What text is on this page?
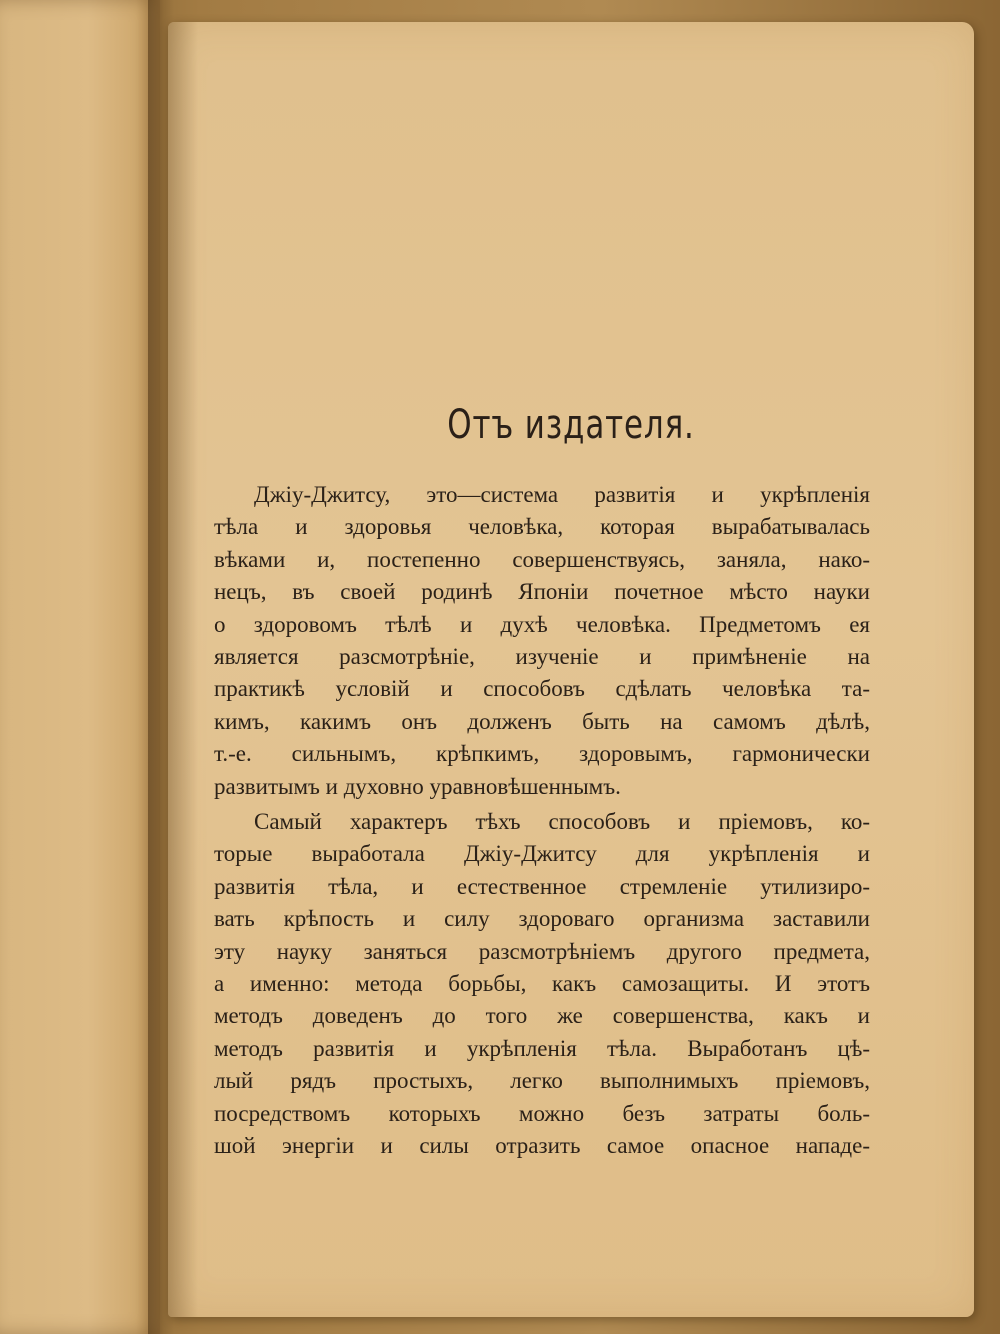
Отъ издателя.
Джiу-Джитсу, это—система развитiя и укрѣпленiя
тѣла и здоровья человѣка, которая вырабатывалась
вѣками и, постепенно совершенствуясь, заняла, нако-
нецъ, въ своей родинѣ Японiи почетное мѣсто науки
о здоровомъ тѣлѣ и духѣ человѣка. Предметомъ ея
является разсмотрѣнiе, изученiе и примѣненiе на
практикѣ условiй и способовъ сдѣлать человѣка та-
кимъ, какимъ онъ долженъ быть на самомъ дѣлѣ,
т.-е. сильнымъ, крѣпкимъ, здоровымъ, гармонически
развитымъ и духовно уравновѣшеннымъ.
Самый характеръ тѣхъ способовъ и прiемовъ, ко-
торые выработала Джiу-Джитсу для укрѣпленiя и
развитiя тѣла, и естественное стремленiе утилизиро-
вать крѣпость и силу здороваго организма заставили
эту науку заняться разсмотрѣнiемъ другого предмета,
а именно: метода борьбы, какъ самозащиты. И этотъ
методъ доведенъ до того же совершенства, какъ и
методъ развитiя и укрѣпленiя тѣла. Выработанъ цѣ-
лый рядъ простыхъ, легко выполнимыхъ прiемовъ,
посредствомъ которыхъ можно безъ затраты боль-
шой энергiи и силы отразить самое опасное нападе-
